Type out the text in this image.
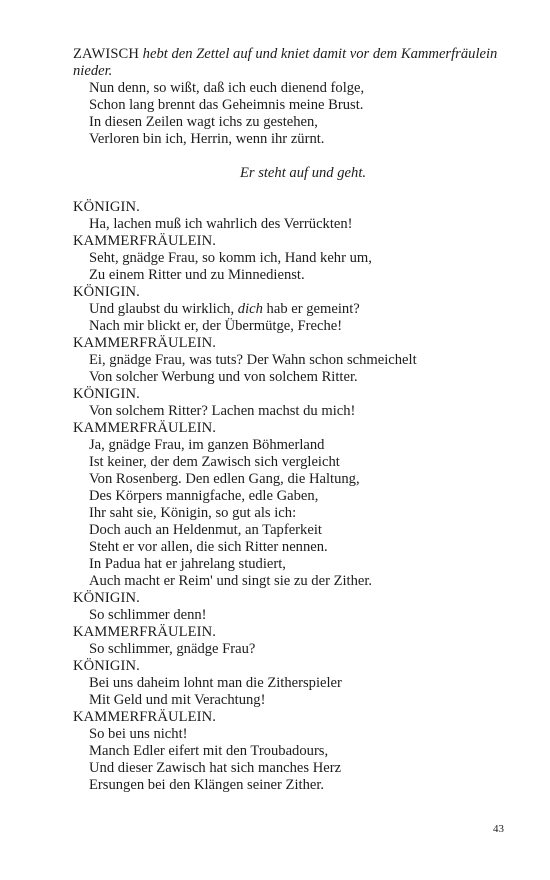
ZAWISCH hebt den Zettel auf und kniet damit vor dem Kammerfräulein nieder.
Nun denn, so wißt, daß ich euch dienend folge,
Schon lang brennt das Geheimnis meine Brust.
In diesen Zeilen wagt ichs zu gestehen,
Verloren bin ich, Herrin, wenn ihr zürnt.
Er steht auf und geht.
KÖNIGIN.
Ha, lachen muß ich wahrlich des Verrückten!
KAMMERFRÄULEIN.
Seht, gnädge Frau, so komm ich, Hand kehr um,
Zu einem Ritter und zu Minnedienst.
KÖNIGIN.
Und glaubst du wirklich, dich hab er gemeint?
Nach mir blickt er, der Übermütge, Freche!
KAMMERFRÄULEIN.
Ei, gnädge Frau, was tuts? Der Wahn schon schmeichelt
Von solcher Werbung und von solchem Ritter.
KÖNIGIN.
Von solchem Ritter? Lachen machst du mich!
KAMMERFRÄULEIN.
Ja, gnädge Frau, im ganzen Böhmerland
Ist keiner, der dem Zawisch sich vergleicht
Von Rosenberg. Den edlen Gang, die Haltung,
Des Körpers mannigfache, edle Gaben,
Ihr saht sie, Königin, so gut als ich:
Doch auch an Heldenmut, an Tapferkeit
Steht er vor allen, die sich Ritter nennen.
In Padua hat er jahrelang studiert,
Auch macht er Reim' und singt sie zu der Zither.
KÖNIGIN.
So schlimmer denn!
KAMMERFRÄULEIN.
So schlimmer, gnädge Frau?
KÖNIGIN.
Bei uns daheim lohnt man die Zitherspieler
Mit Geld und mit Verachtung!
KAMMERFRÄULEIN.
So bei uns nicht!
Manch Edler eifert mit den Troubadours,
Und dieser Zawisch hat sich manches Herz
Ersungen bei den Klängen seiner Zither.
43
